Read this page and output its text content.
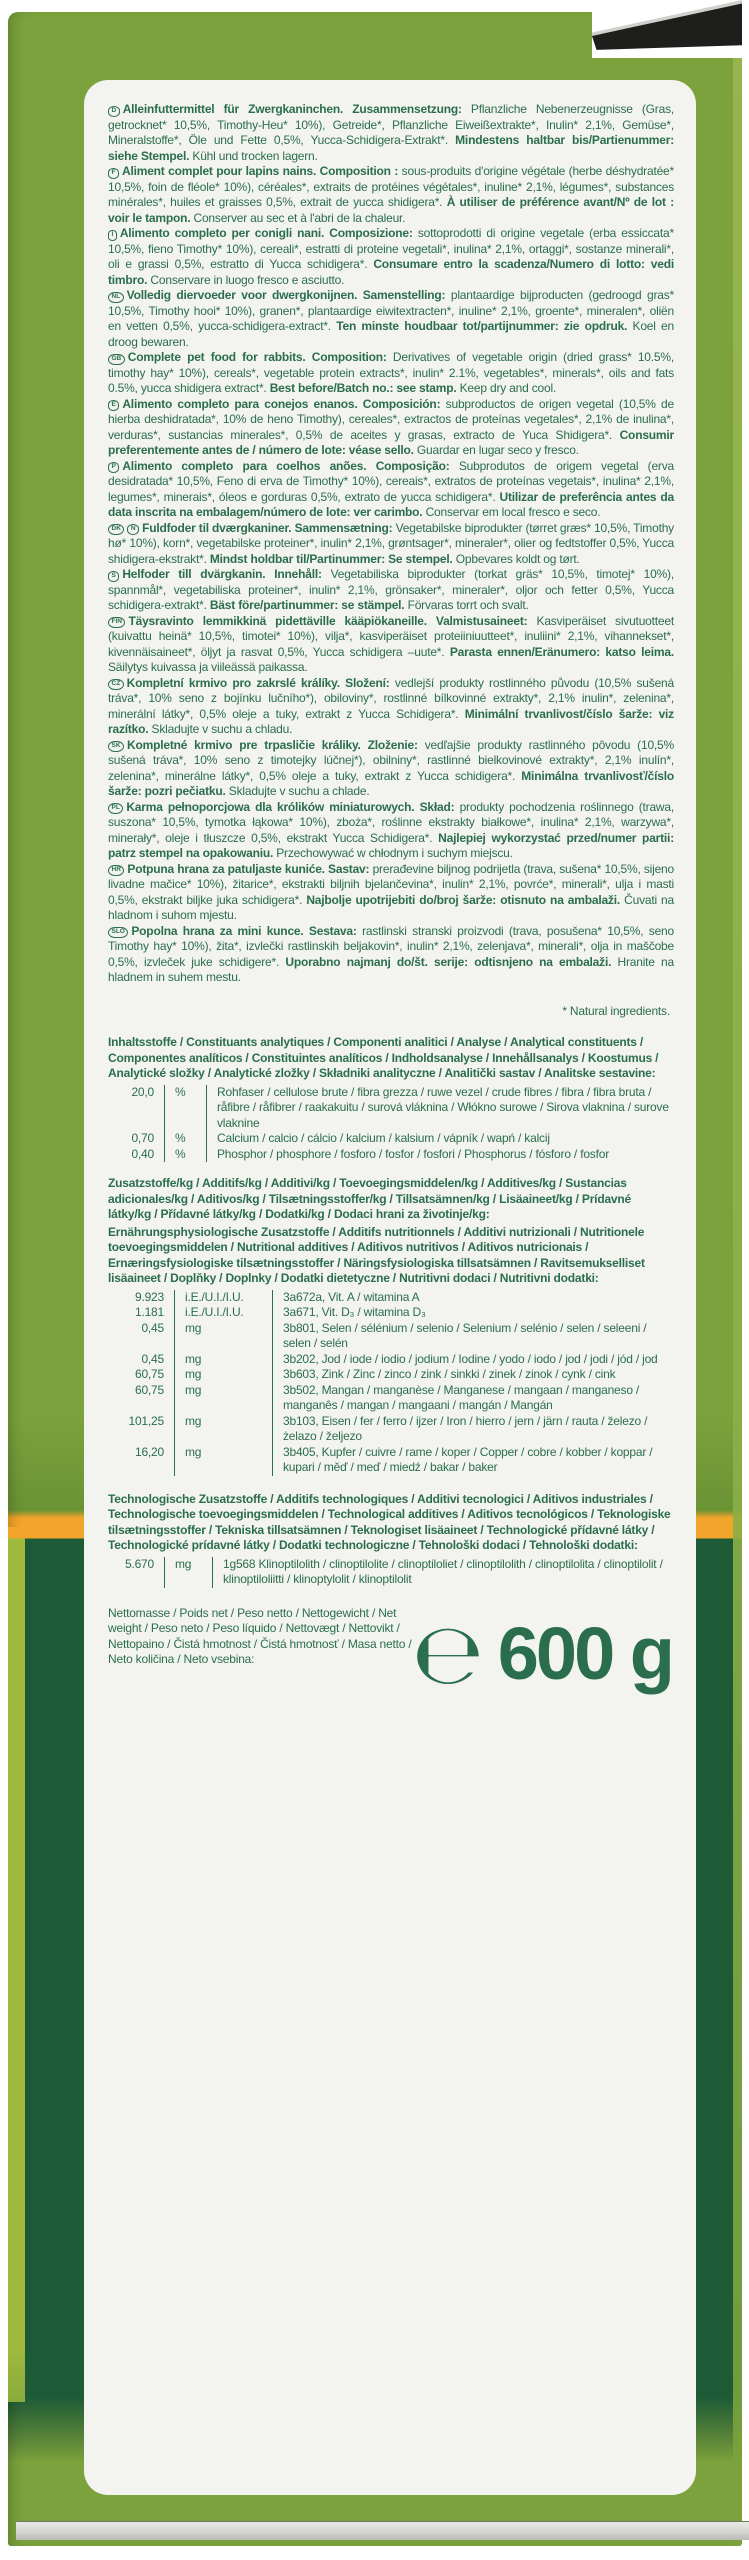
D Alleinfuttermittel für Zwergkaninchen. Zusammensetzung: Pflanzliche Nebenerzeugnisse (Gras, getrocknet* 10,5%, Timothy-Heu* 10%), Getreide*, Pflanzliche Eiweißextrakte*, Inulin* 2,1%, Gemüse*, Mineralstoffe*, Öle und Fette 0,5%, Yucca-Schidigera-Extrakt*. Mindestens haltbar bis/Partienummer: siehe Stempel. Kühl und trocken lagern.
F Aliment complet pour lapins nains. Composition : sous-produits d'origine végétale (herbe déshydratée* 10,5%, foin de fléole* 10%), céréales*, extraits de protéines végétales*, inuline* 2,1%, légumes*, substances minérales*, huiles et graisses 0,5%, extrait de yucca shidigera*. À utiliser de préférence avant/Nº de lot : voir le tampon. Conserver au sec et à l'abri de la chaleur.
I Alimento completo per conigli nani. Composizione: sottoprodotti di origine vegetale (erba essiccata* 10,5%, fieno Timothy* 10%), cereali*, estratti di proteine vegetali*, inulina* 2,1%, ortaggi*, sostanze minerali*, oli e grassi 0,5%, estratto di Yucca schidigera*. Consumare entro la scadenza/Numero di lotto: vedi timbro. Conservare in luogo fresco e asciutto.
NL Volledig diervoeder voor dwergkonijnen. Samenstelling: plantaardige bijproducten (gedroogd gras* 10,5%, Timothy hooi* 10%), granen*, plantaardige eiwitextracten*, inuline* 2,1%, groente*, mineralen*, oliën en vetten 0,5%, yucca-schidigera-extract*. Ten minste houdbaar tot/partijnummer: zie opdruk. Koel en droog bewaren.
GB Complete pet food for rabbits. Composition: Derivatives of vegetable origin (dried grass* 10.5%, timothy hay* 10%), cereals*, vegetable protein extracts*, inulin* 2.1%, vegetables*, minerals*, oils and fats 0.5%, yucca shidigera extract*. Best before/Batch no.: see stamp. Keep dry and cool.
E Alimento completo para conejos enanos. Composición: subproductos de origen vegetal (10,5% de hierba deshidratada*, 10% de heno Timothy), cereales*, extractos de proteínas vegetales*, 2,1% de inulina*, verduras*, sustancias minerales*, 0,5% de aceites y grasas, extracto de Yuca Shidigera*. Consumir preferentemente antes de / número de lote: véase sello. Guardar en lugar seco y fresco.
P Alimento completo para coelhos anões. Composição: Subprodutos de origem vegetal (erva desidratada* 10,5%, Feno di erva de Timothy* 10%), cereais*, extratos de proteínas vegetais*, inulina* 2,1%, legumes*, minerais*, óleos e gorduras 0,5%, extrato de yucca schidigera*. Utilizar de preferência antes da data inscrita na embalagem/número de lote: ver carimbo. Conservar em local fresco e seco.
DK N Fuldfoder til dværgkaniner. Sammensætning: Vegetabilske biprodukter (tørret græs* 10,5%, Timothy hø* 10%), korn*, vegetabilske proteiner*, inulin* 2,1%, grøntsager*, mineraler*, olier og fedtstoffer 0,5%, Yucca shidigera-ekstrakt*. Mindst holdbar til/Partinummer: Se stempel. Opbevares koldt og tørt.
S Helfoder till dvärgkanin. Innehåll: Vegetabiliska biprodukter (torkat gräs* 10,5%, timotej* 10%), spannmål*, vegetabiliska proteiner*, inulin* 2,1%, grönsaker*, mineraler*, oljor och fetter 0,5%, Yucca schidigera-extrakt*. Bäst före/partinummer: se stämpel. Förvaras torrt och svalt.
FIN Täysravinto lemmikkinä pidettäville kääpiökaneille. Valmistusaineet: Kasviperäiset sivutuotteet (kuivattu heinä* 10,5%, timotei* 10%), vilja*, kasviperäiset proteiiniuutteet*, inuliini* 2,1%, vihannekset*, kivennäisaineet*, öljyt ja rasvat 0,5%, Yucca schidigera –uute*. Parasta ennen/Eränumero: katso leima. Säilytys kuivassa ja viileässä paikassa.
CZ Kompletní krmivo pro zakrslé králíky. Složení: vedlejší produkty rostlinného původu (10,5% sušená tráva*, 10% seno z bojínku lučního*), obiloviny*, rostlinné bílkovinné extrakty*, 2,1% inulin*, zelenina*, minerální látky*, 0,5% oleje a tuky, extrakt z Yucca Schidigera*. Minimální trvanlivost/číslo šarže: viz razítko. Skladujte v suchu a chladu.
SK Kompletné krmivo pre trpasličie králiky. Zloženie: vedľajšie produkty rastlinného pôvodu (10,5% sušená tráva*, 10% seno z timotejky lúčnej*), obilniny*, rastlinné bielkovinové extrakty*, 2,1% inulín*, zelenina*, minerálne látky*, 0,5% oleje a tuky, extrakt z Yucca schidigera*. Minimálna trvanlivosť/číslo šarže: pozri pečiatku. Skladujte v suchu a chlade.
PL Karma pełnoporcjowa dla królików miniaturowych. Skład: produkty pochodzenia roślinnego (trawa, suszona* 10,5%, tymotka łąkowa* 10%), zboża*, roślinne ekstrakty białkowe*, inulina* 2,1%, warzywa*, minerały*, oleje i tłuszcze 0,5%, ekstrakt Yucca Schidigera*. Najlepiej wykorzystać przed/numer partii: patrz stempel na opakowaniu. Przechowywać w chłodnym i suchym miejscu.
HR Potpuna hrana za patuljaste kuniće. Sastav: prerađevine biljnog podrijetla (trava, sušena* 10,5%, sijeno livadne mačice* 10%), žitarice*, ekstrakti biljnih bjelančevina*, inulin* 2,1%, povrće*, minerali*, ulja i masti 0,5%, ekstrakt biljke juka schidigera*. Najbolje upotrijebiti do/broj šarže: otisnuto na ambalaži. Čuvati na hladnom i suhom mjestu.
SLO Popolna hrana za mini kunce. Sestava: rastlinski stranski proizvodi (trava, posušena* 10,5%, seno Timothy hay* 10%), žita*, izvlečki rastlinskih beljakovin*, inulin* 2,1%, zelenjava*, minerali*, olja in maščobe 0,5%, izvleček juke schidigere*. Uporabno najmanj do/št. serije: odtisnjeno na embalaži. Hranite na hladnem in suhem mestu.
* Natural ingredients.
Inhaltsstoffe / Constituants analytiques / Componenti analitici / Analyse / Analytical constituents / Componentes analíticos / Constituintes analíticos / Indholdsanalyse / Innehållsanalys / Koostumus / Analytické složky / Analytické zložky / Składniki analityczne / Analitički sastav / Analitske sestavine:
20,0	%	Rohfaser / cellulose brute / fibra grezza / ruwe vezel / crude fibres / fibra / fibra bruta / råfibre / råfibrer / raakakuitu / surová vláknina / Włókno surowe / Sirova vlaknina / surove vlaknine
0,70	%	Calcium / calcio / cálcio / kalcium / kalsium / vápník / wapń / kalcij
0,40	%	Phosphor / phosphore / fosforo / fosfor / fosfori / Phosphorus / fósforo / fosfor
Zusatzstoffe/kg / Additifs/kg / Additivi/kg / Toevoegingsmiddelen/kg / Additives/kg / Sustancias adicionales/kg / Aditivos/kg / Tilsætningsstoffer/kg / Tillsatsämnen/kg / Lisäaineet/kg / Prídavné látky/kg / Přídavné látky/kg / Dodatki/kg / Dodaci hrani za životinje/kg:
Ernährungsphysiologische Zusatzstoffe / Additifs nutritionnels / Additivi nutrizionali / Nutritionele toevoegingsmiddelen / Nutritional additives / Aditivos nutritivos / Aditivos nutricionais / Ernæringsfysiologiske tilsætningsstoffer / Näringsfysiologiska tillsatsämnen / Ravitsemukselliset lisäaineet / Doplňky / Doplnky / Dodatki dietetyczne / Nutritivni dodaci / Nutritivni dodatki:
9.923	i.E./U.I./I.U.	3a672a, Vit. A / witamina A
1.181	i.E./U.I./I.U.	3a671, Vit. D₃ / witamina D₃
0,45	mg	3b801, Selen / sélénium / selenio / Selenium / selénio / selen / seleeni / selen / selén
0,45	mg	3b202, Jod / iode / iodio / jodium / Iodine / yodo / iodo / jod / jodi / jód / jod
60,75	mg	3b603, Zink / Zinc / zinco / zink / sinkki / zinek / zinok / cynk / cink
60,75	mg	3b502, Mangan / manganèse / Manganese / mangaan / manganeso / manganês / mangan / mangaani / mangán / Mangán
101,25	mg	3b103, Eisen / fer / ferro / ijzer / Iron / hierro / jern / järn / rauta / železo / żelazo / željezo
16,20	mg	3b405, Kupfer / cuivre / rame / koper / Copper / cobre / kobber / koppar / kupari / měď / meď / miedź / bakar / baker
Technologische Zusatzstoffe / Additifs technologiques / Additivi tecnologici / Aditivos industriales / Technologische toevoegingsmiddelen / Technological additives / Aditivos tecnológicos / Teknologiske tilsætningsstoffer / Tekniska tillsatsämnen / Teknologiset lisäaineet / Technologické přídavné látky / Technologické prídavné látky / Dodatki technologiczne / Tehnološki dodaci / Tehnološki dodatki:
5.670	mg	1g568 Klinoptilolith / clinoptilolite / clinoptiloliet / clinoptilolith / clinoptilolita / clinoptilolit / klinoptiloliitti / klinoptylolit / klinoptilolit
Nettomasse / Poids net / Peso netto / Nettogewicht / Net weight / Peso neto / Peso líquido / Nettovægt / Nettovikt / Nettopaino / Čistá hmotnost / Čistá hmotnosť / Masa netto / Neto količina / Neto vsebina:	℮ 600 g
